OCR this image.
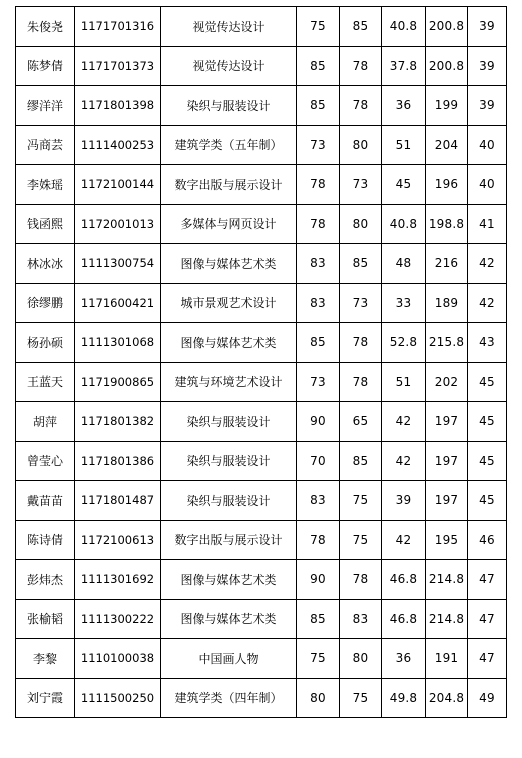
朱俊尧	1171701316	视觉传达设计	75	85	40.8	200.8	39
陈梦倩	1171701373	视觉传达设计	85	78	37.8	200.8	39
缪洋洋	1171801398	染织与服装设计	85	78	36	199	39
冯商芸	1111400253	建筑学类（五年制）	73	80	51	204	40
李姝瑶	1172100144	数字出版与展示设计	78	73	45	196	40
钱函熙	1172001013	多媒体与网页设计	78	80	40.8	198.8	41
林冰冰	1111300754	图像与媒体艺术类	83	85	48	216	42
徐缪鹏	1171600421	城市景观艺术设计	83	73	33	189	42
杨孙硕	1111301068	图像与媒体艺术类	85	78	52.8	215.8	43
王蓝天	1171900865	建筑与环境艺术设计	73	78	51	202	45
胡萍	1171801382	染织与服装设计	90	65	42	197	45
曾莹心	1171801386	染织与服装设计	70	85	42	197	45
戴苗苗	1171801487	染织与服装设计	83	75	39	197	45
陈诗倩	1172100613	数字出版与展示设计	78	75	42	195	46
彭炜杰	1111301692	图像与媒体艺术类	90	78	46.8	214.8	47
张榆韬	1111300222	图像与媒体艺术类	85	83	46.8	214.8	47
李黎	1110100038	中国画人物	75	80	36	191	47
刘宁霞	1111500250	建筑学类（四年制）	80	75	49.8	204.8	49
